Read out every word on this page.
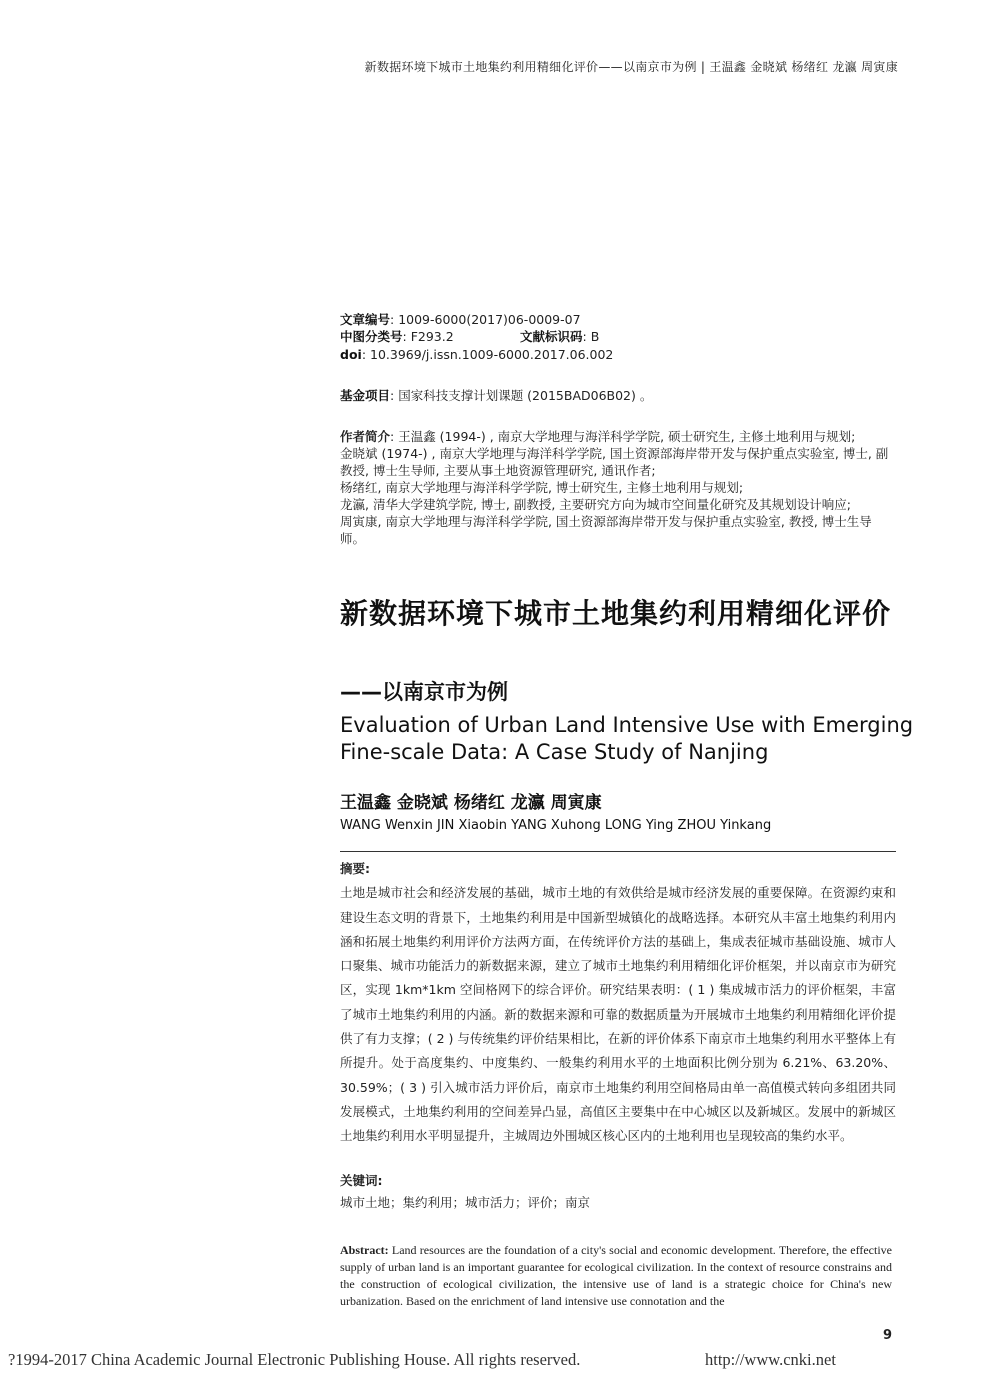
新数据环境下城市土地集约利用精细化评价——以南京市为例 | 王温鑫 金晓斌 杨绪红 龙瀛 周寅康
文章编号: 1009-6000(2017)06-0009-07
中图分类号: F293.2	文献标识码: B
doi: 10.3969/j.issn.1009-6000.2017.06.002
基金项目: 国家科技支撑计划课题 (2015BAD06B02) 。

作者简介: 王温鑫 (1994-) , 南京大学地理与海洋科学学院, 硕士研究生, 主修土地利用与规划;

金晓斌 (1974-) , 南京大学地理与海洋科学学院, 国土资源部海岸带开发与保护重点实验室, 博士, 副教授, 博士生导师, 主要从事土地资源管理研究, 通讯作者;

杨绪红, 南京大学地理与海洋科学学院, 博士研究生, 主修土地利用与规划;

龙瀛, 清华大学建筑学院, 博士, 副教授, 主要研究方向为城市空间量化研究及其规划设计响应;

周寅康, 南京大学地理与海洋科学学院, 国土资源部海岸带开发与保护重点实验室, 教授, 博士生导师。

新数据环境下城市土地集约利用精细化评价
——以南京市为例
Evaluation of Urban Land Intensive Use with Emerging Fine-scale Data: A Case Study of Nanjing
王温鑫 金晓斌 杨绪红 龙瀛 周寅康
WANG Wenxin JIN Xiaobin YANG Xuhong LONG Ying ZHOU Yinkang
摘要:

土地是城市社会和经济发展的基础，城市土地的有效供给是城市经济发展的重要保障。在资源约束和建设生态文明的背景下，土地集约利用是中国新型城镇化的战略选择。本研究从丰富土地集约利用内涵和拓展土地集约利用评价方法两方面，在传统评价方法的基础上，集成表征城市基础设施、城市人口聚集、城市功能活力的新数据来源，建立了城市土地集约利用精细化评价框架，并以南京市为研究区，实现 1km*1km 空间格网下的综合评价。研究结果表明：( 1 ) 集成城市活力的评价框架，丰富了城市土地集约利用的内涵。新的数据来源和可靠的数据质量为开展城市土地集约利用精细化评价提供了有力支撑；( 2 ) 与传统集约评价结果相比，在新的评价体系下南京市土地集约利用水平整体上有所提升。处于高度集约、中度集约、一般集约利用水平的土地面积比例分别为 6.21%、63.20%、30.59%；( 3 ) 引入城市活力评价后，南京市土地集约利用空间格局由单一高值模式转向多组团共同发展模式，土地集约利用的空间差异凸显，高值区主要集中在中心城区以及新城区。发展中的新城区土地集约利用水平明显提升，主城周边外围城区核心区内的土地利用也呈现较高的集约水平。

关键词:
城市土地；集约利用；城市活力；评价；南京
Abstract: Land resources are the foundation of a city's social and economic development. Therefore, the effective supply of urban land is an important guarantee for ecological civilization. In the context of resource constrains and the construction of ecological civilization, the intensive use of land is a strategic choice for China's new urbanization. Based on the enrichment of land intensive use connotation and the
9
?1994-2017 China Academic Journal Electronic Publishing House. All rights reserved.	http://www.cnki.net
